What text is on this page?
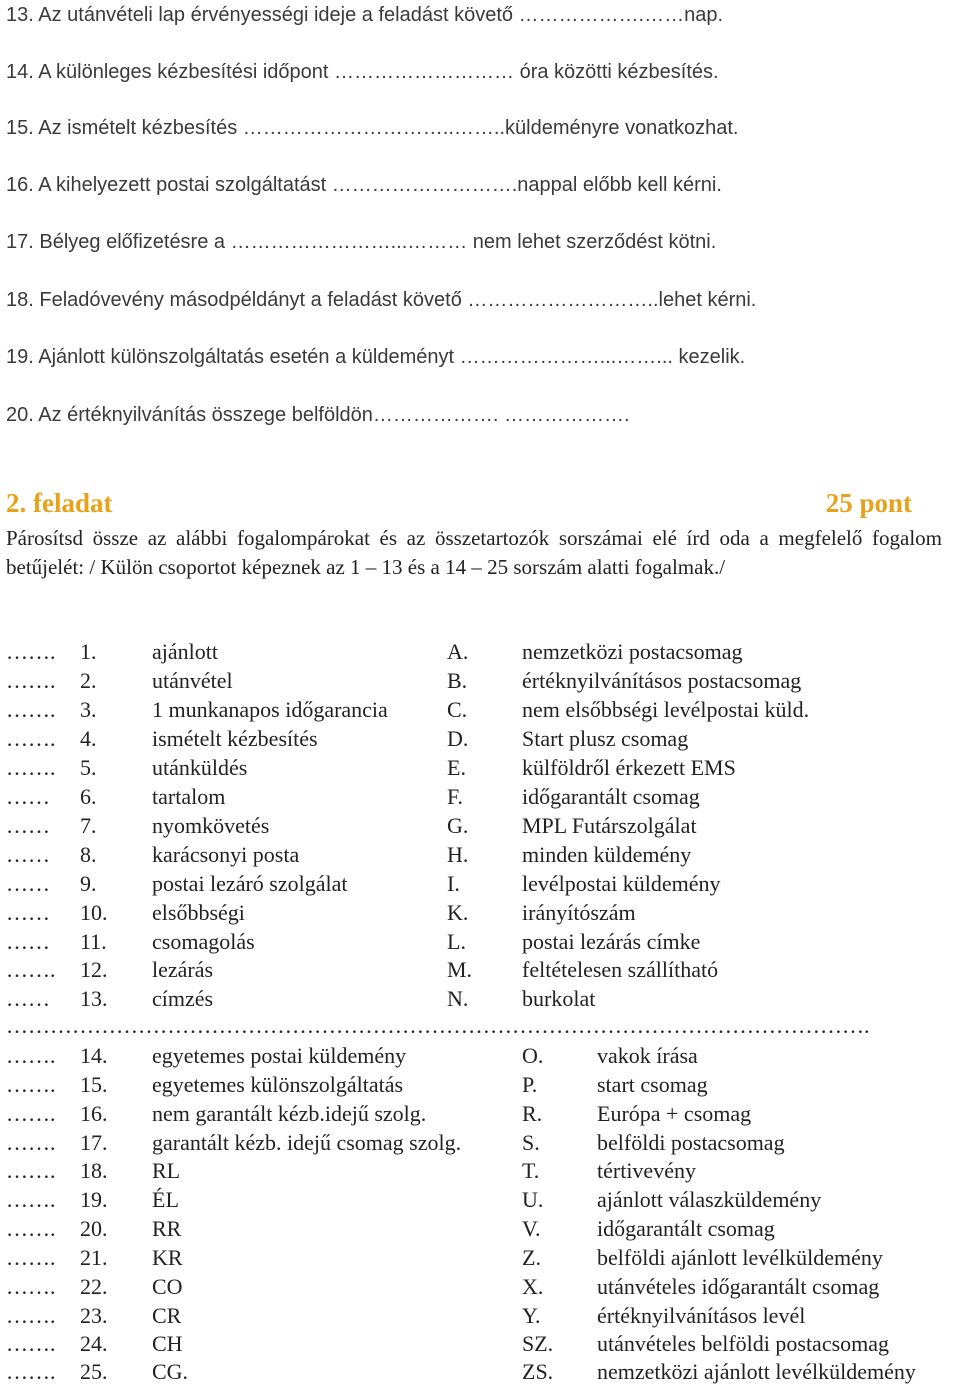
13. Az utánvételi lap érvényességi ideje a feladást követő ……………….……nap.
14. A különleges kézbesítési időpont ……………………… óra közötti kézbesítés.
15. Az ismételt kézbesítés …………………………..……..küldeményre vonatkozhat.
16. A kihelyezett postai szolgáltatást ……………………….nappal előbb kell kérni.
17. Bélyeg előfizetésre a ……………………...……… nem lehet szerződést kötni.
18. Feladóvevény másodpéldányt a feladást követő ………………………..lehet kérni.
19. Ajánlott különszolgáltatás esetén a küldeményt …………………...……... kezelik.
20. Az értéknyilvánítás összege belföldön………………. ……………….
2. feladat	25 pont
Párosítsd össze az alábbi fogalompárokat és az összetartozók sorszámai elé írd oda a megfelelő fogalom betűjelét: / Külön csoportot képeznek az 1 – 13 és a 14 – 25 sorszám alatti fogalmak./
……. 1.	ajánlott	A. nemzetközi postacsomag
……. 2.	utánvétel	B. értéknyilvánításos postacsomag
……. 3.	1 munkanapos időgarancia	C. nem elsőbbségi levélpostai küld.
……. 4.	ismételt kézbesítés	D. Start plusz csomag
……. 5.	utánküldés	E.	külföldről érkezett EMS
…… 6.	tartalom	F.	időgarantált csomag
…… 7.	nyomkövetés	G. MPL Futárszolgálat
…… 8.	karácsonyi posta	H. minden küldemény
…… 9.	postai lezáró szolgálat	I.	levélpostai küldemény
…… 10. elsőbbségi	K. irányítószám
…… 11. csomagolás	L.	postai lezárás címke
……. 12. lezárás	M. feltételesen szállítható
…… 13. címzés	N. burkolat
……………………………………………………………………………………………………….
……. 14. egyetemes postai küldemény	O. vakok írása
……. 15. egyetemes különszolgáltatás	P.	start csomag
……. 16. nem garantált kézb.idejű szolg.	R. Európa + csomag
……. 17. garantált kézb. idejű csomag szolg.	S.	belföldi postacsomag
……. 18. RL	T.	tértivevény
……. 19. ÉL	U. ajánlott válaszküldemény
……. 20. RR	V.	időgarantált csomag
……. 21. KR	Z.	belföldi ajánlott levélküldemény
……. 22. CO	X. utánvételes időgarantált csomag
……. 23. CR	Y.	értéknyilvánításos levél
……. 24. CH	SZ. utánvételes belföldi postacsomag
……. 25. CG.	ZS. nemzetközi ajánlott levélküldemény
